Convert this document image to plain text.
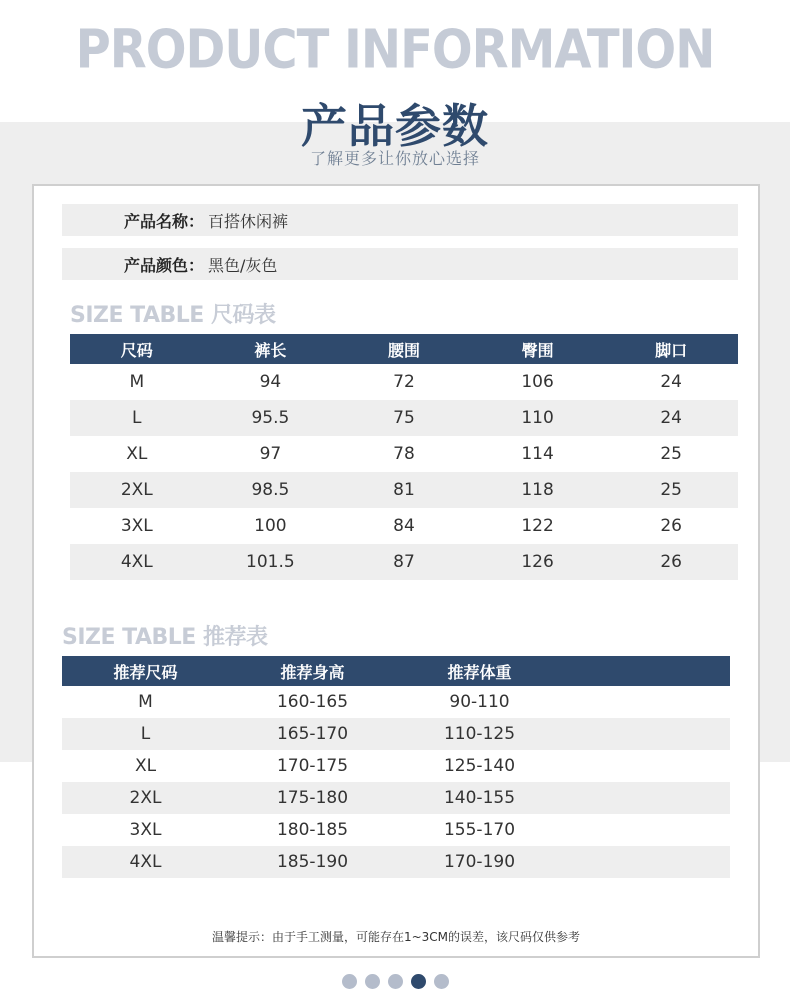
PRODUCT INFORMATION
产品参数
了解更多让你放心选择
产品名称： 百搭休闲裤
产品颜色： 黑色/灰色
SIZE TABLE 尺码表
尺码	裤长	腰围	臀围	脚口
M	94	72	106	24
L	95.5	75	110	24
XL	97	78	114	25
2XL	98.5	81	118	25
3XL	100	84	122	26
4XL	101.5	87	126	26
SIZE TABLE 推荐表
推荐尺码	推荐身高	推荐体重
M	160-165	90-110
L	165-170	110-125
XL	170-175	125-140
2XL	175-180	140-155
3XL	180-185	155-170
4XL	185-190	170-190
温馨提示：由于手工测量，可能存在1~3CM的误差，该尺码仅供参考
